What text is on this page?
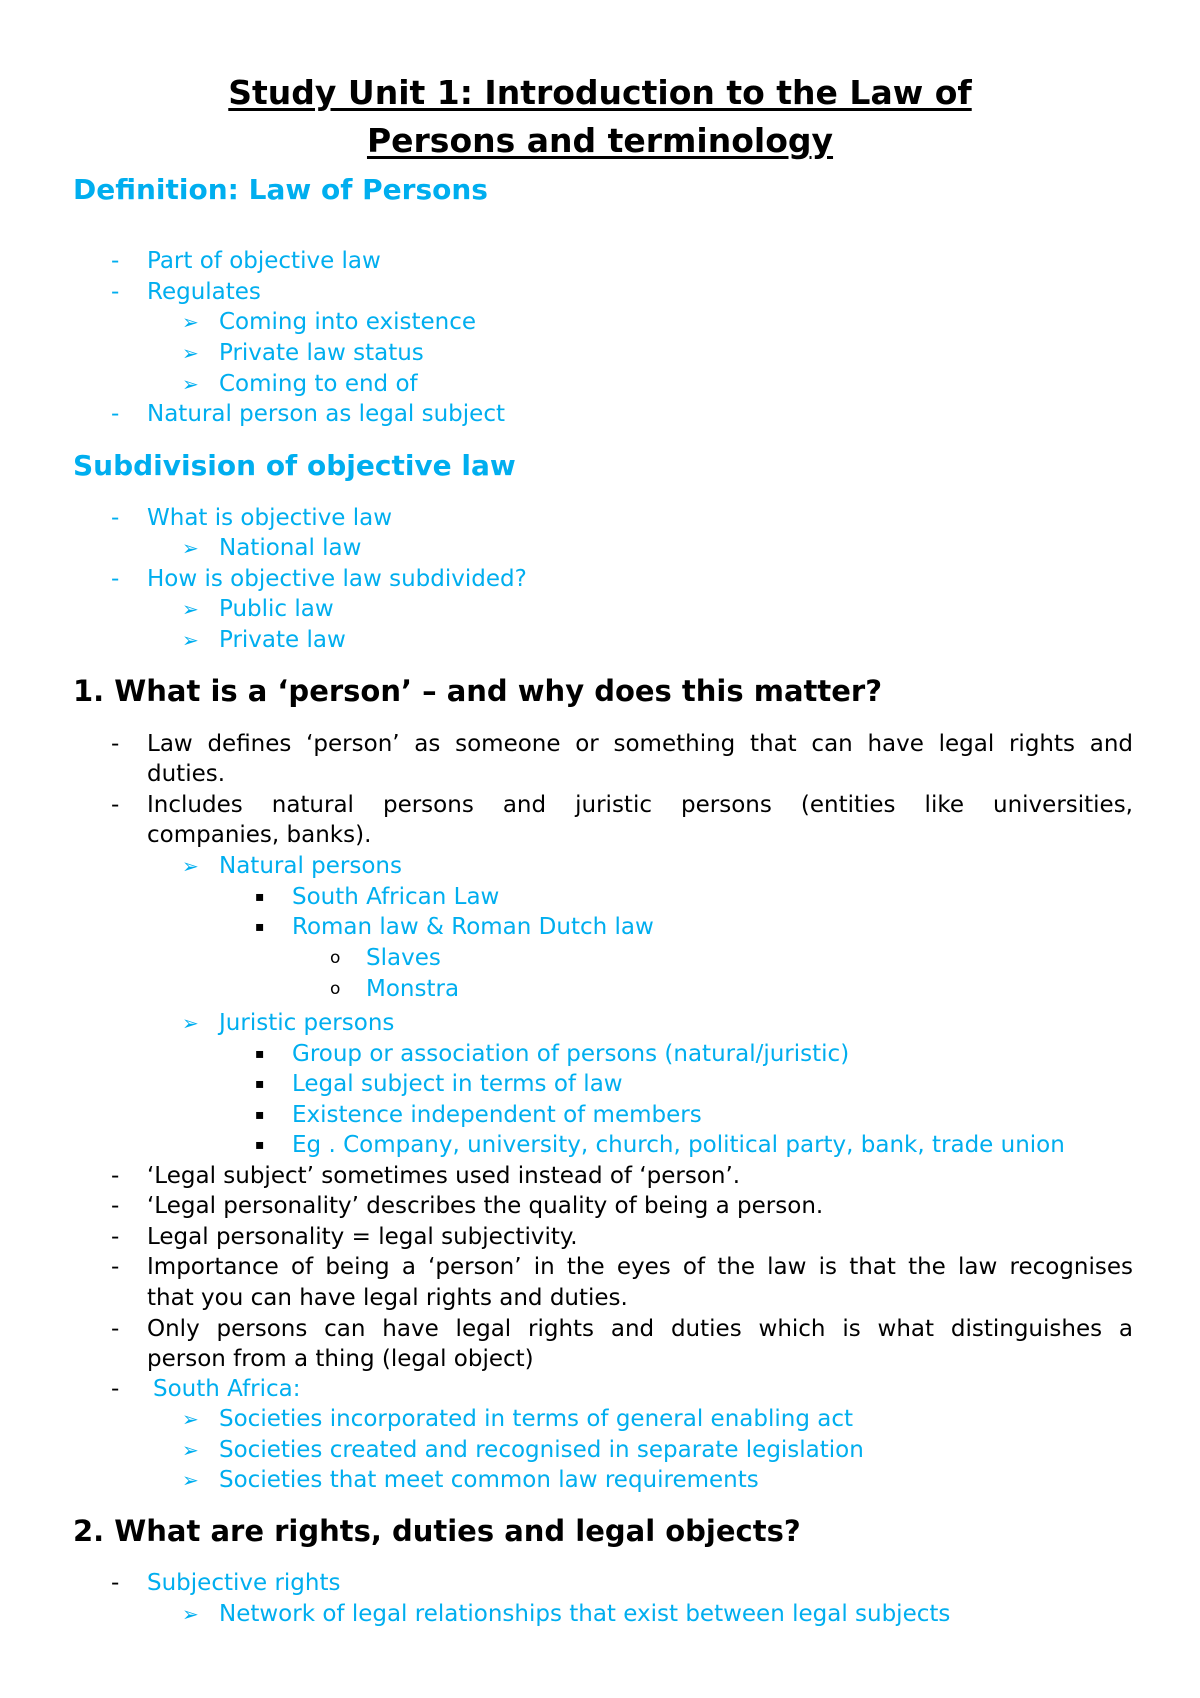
Study Unit 1: Introduction to the Law of
Persons and terminology
Definition: Law of Persons
- Part of objective law
- Regulates
➢ Coming into existence
➢ Private law status
➢ Coming to end of
- Natural person as legal subject
Subdivision of objective law
- What is objective law
➢ National law
- How is objective law subdivided?
➢ Public law
➢ Private law
1. What is a ‘person’ – and why does this matter?
- Law defines ‘person’ as someone or something that can have legal rights and
duties.
- Includes natural persons and juristic persons (entities like universities,
companies, banks).
➢ Natural persons
▪ South African Law
▪ Roman law & Roman Dutch law
o Slaves
o Monstra
➢ Juristic persons
▪ Group or association of persons (natural/juristic)
▪ Legal subject in terms of law
▪ Existence independent of members
▪ Eg . Company, university, church, political party, bank, trade union
- ‘Legal subject’ sometimes used instead of ‘person’.
- ‘Legal personality’ describes the quality of being a person.
- Legal personality = legal subjectivity.
- Importance of being a ‘person’ in the eyes of the law is that the law recognises
that you can have legal rights and duties.
- Only persons can have legal rights and duties which is what distinguishes a
person from a thing (legal object)
- South Africa:
➢ Societies incorporated in terms of general enabling act
➢ Societies created and recognised in separate legislation
➢ Societies that meet common law requirements
2. What are rights, duties and legal objects?
- Subjective rights
➢ Network of legal relationships that exist between legal subjects
